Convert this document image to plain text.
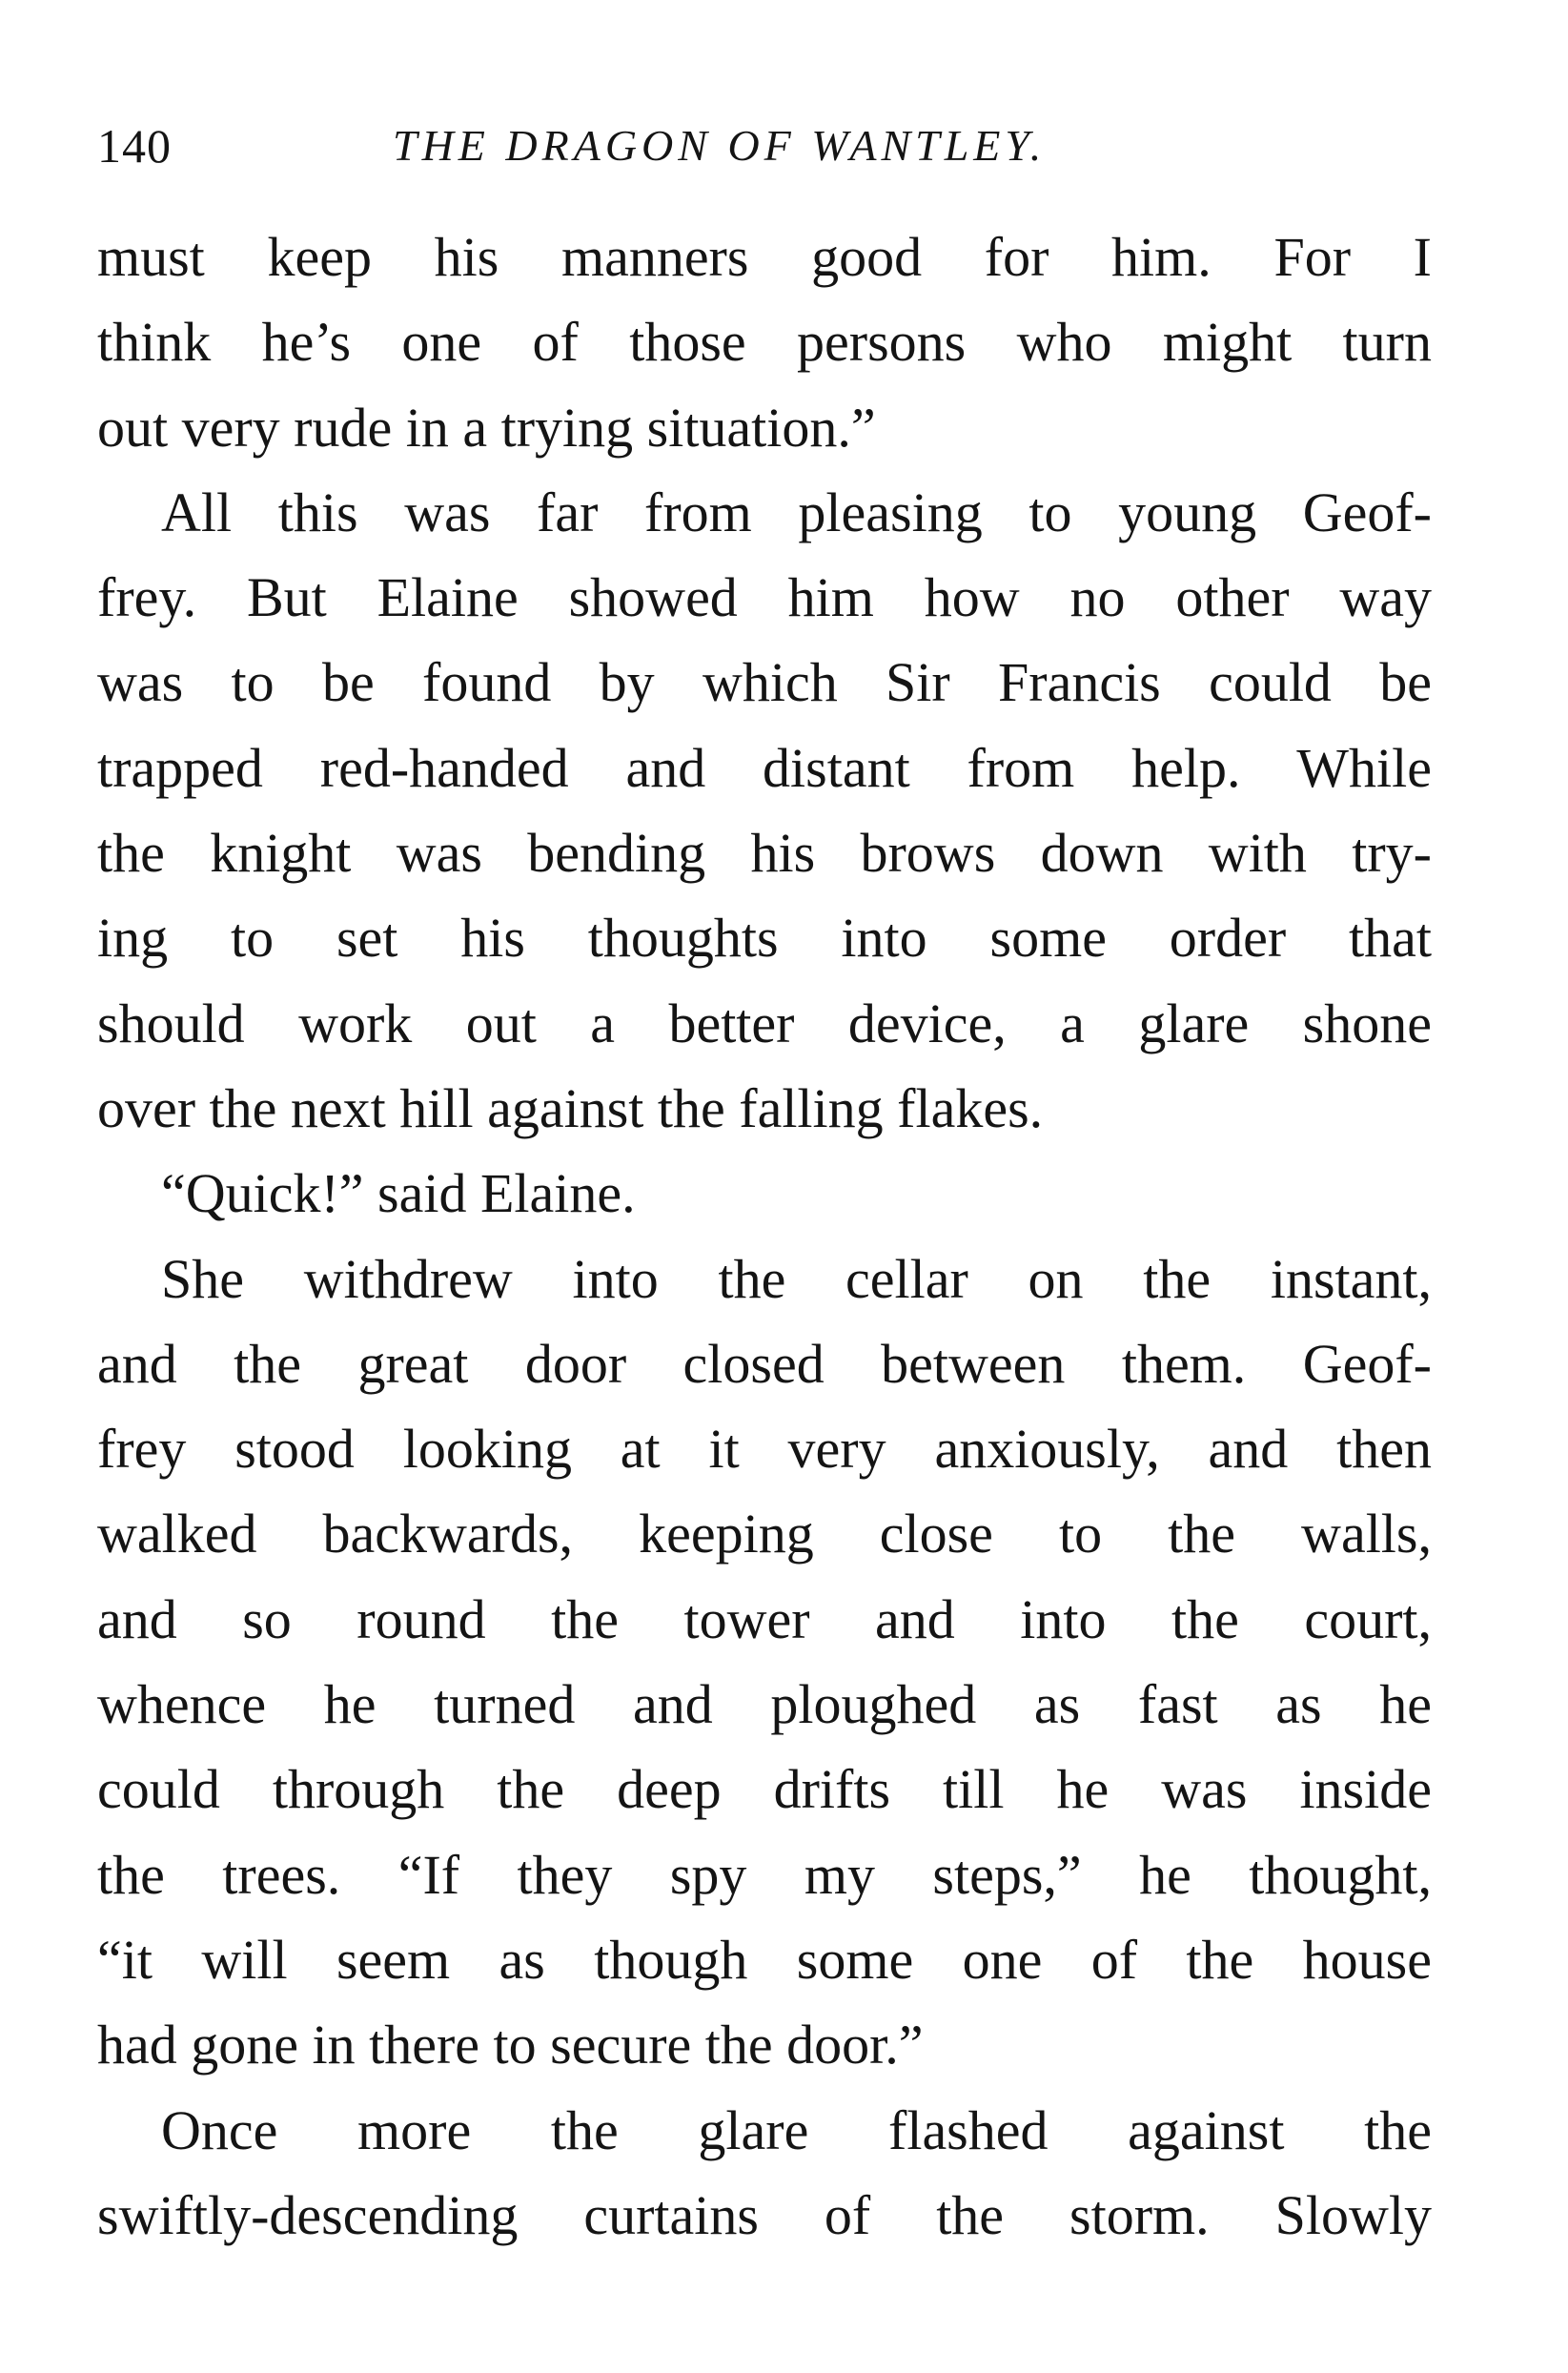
140	THE DRAGON OF WANTLEY.
must keep his manners good for him. For I
think he’s one of those persons who might turn
out very rude in a trying situation.”
All this was far from pleasing to young Geof-
frey. But Elaine showed him how no other way
was to be found by which Sir Francis could be
trapped red-handed and distant from help. While
the knight was bending his brows down with try-
ing to set his thoughts into some order that
should work out a better device, a glare shone
over the next hill against the falling flakes.
“Quick!” said Elaine.
She withdrew into the cellar on the instant,
and the great door closed between them. Geof-
frey stood looking at it very anxiously, and then
walked backwards, keeping close to the walls,
and so round the tower and into the court,
whence he turned and ploughed as fast as he
could through the deep drifts till he was inside
the trees. “If they spy my steps,” he thought,
“it will seem as though some one of the house
had gone in there to secure the door.”
Once more the glare flashed against the
swiftly-descending curtains of the storm. Slowly
